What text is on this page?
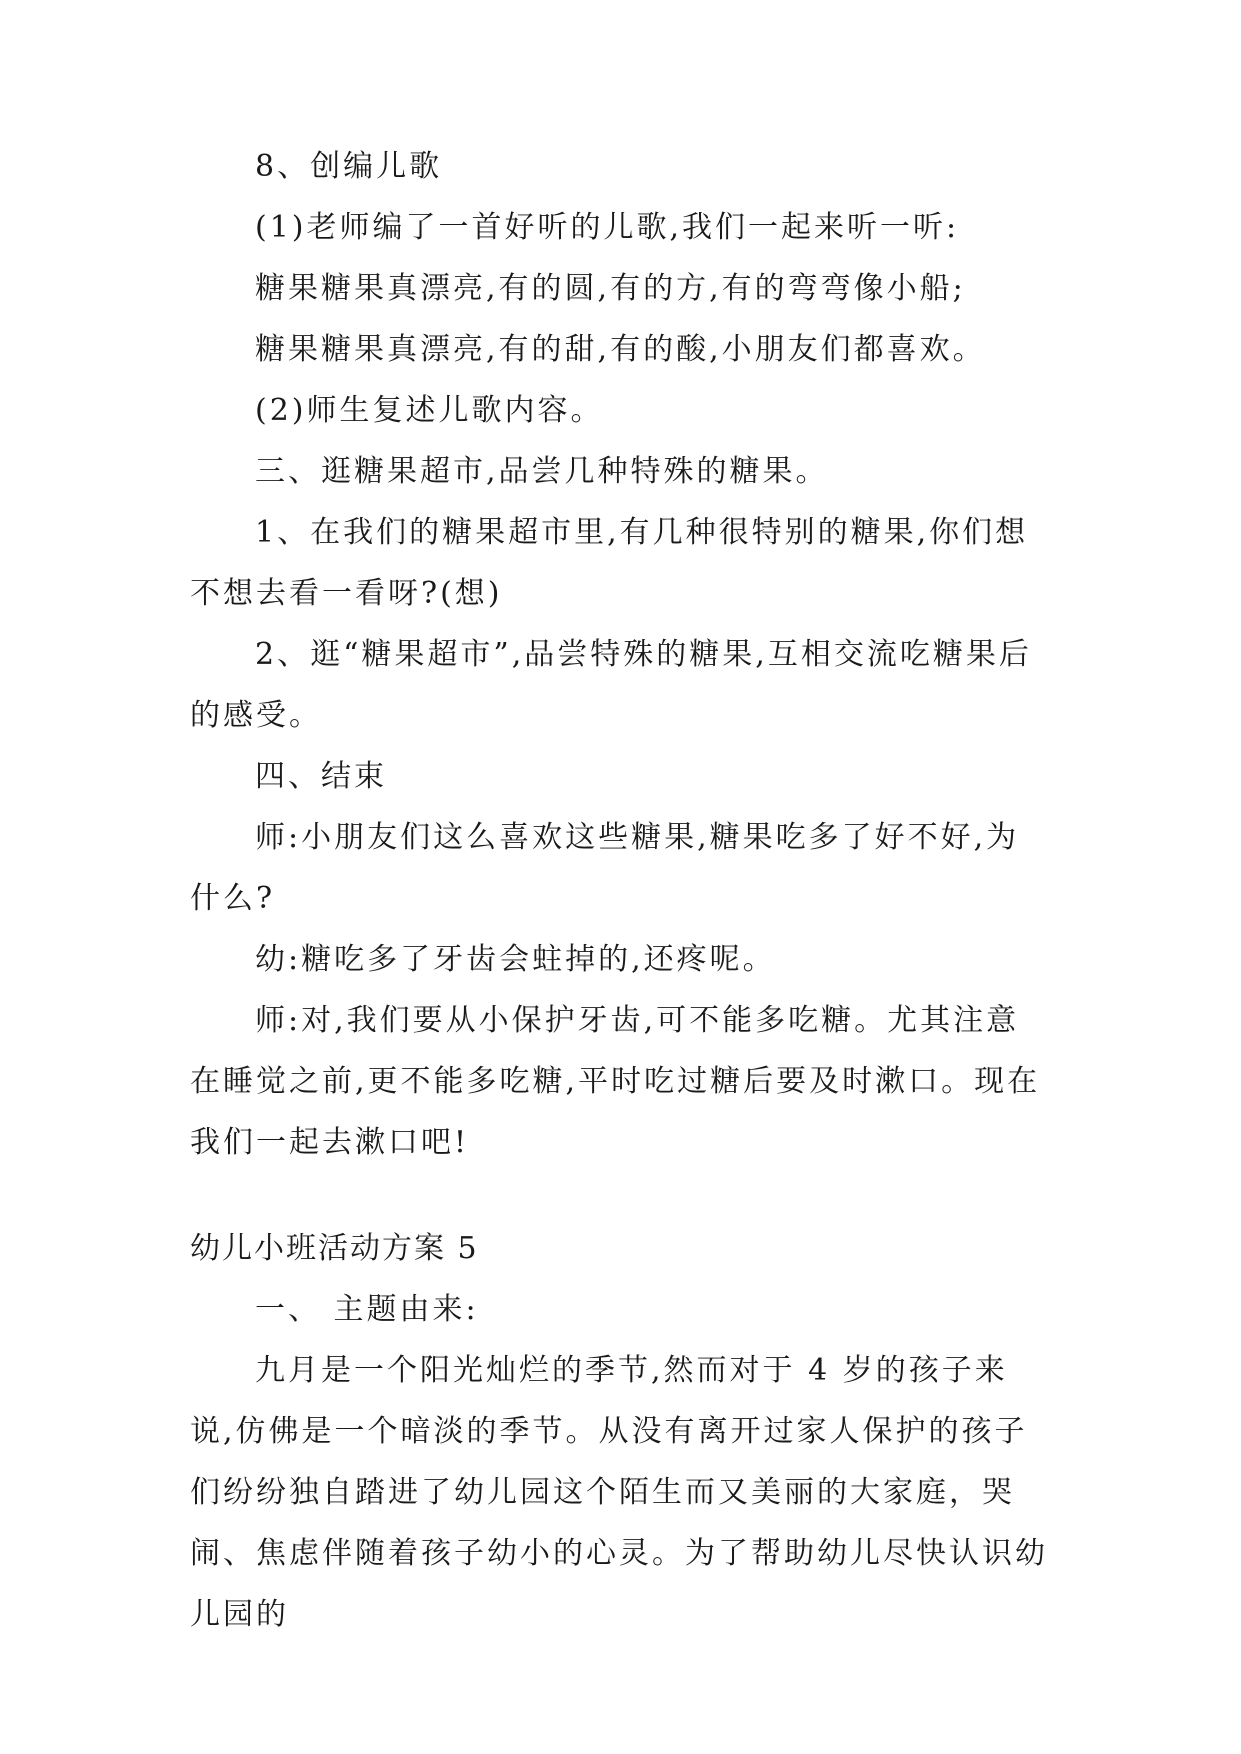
8、创编儿歌
(1)老师编了一首好听的儿歌,我们一起来听一听:
糖果糖果真漂亮,有的圆,有的方,有的弯弯像小船;
糖果糖果真漂亮,有的甜,有的酸,小朋友们都喜欢。
(2)师生复述儿歌内容。
三、逛糖果超市,品尝几种特殊的糖果。
1、在我们的糖果超市里,有几种很特别的糖果,你们想不想去看一看呀?(想)
2、逛“糖果超市”,品尝特殊的糖果,互相交流吃糖果后的感受。
四、结束
师:小朋友们这么喜欢这些糖果,糖果吃多了好不好,为什么?
幼:糖吃多了牙齿会蛀掉的,还疼呢。
师:对,我们要从小保护牙齿,可不能多吃糖。尤其注意在睡觉之前,更不能多吃糖,平时吃过糖后要及时漱口。现在我们一起去漱口吧!
幼儿小班活动方案 5
一、 主题由来:
九月是一个阳光灿烂的季节,然而对于 4 岁的孩子来说,仿佛是一个暗淡的季节。从没有离开过家人保护的孩子们纷纷独自踏进了幼儿园这个陌生而又美丽的大家庭，哭闹、焦虑伴随着孩子幼小的心灵。为了帮助幼儿尽快认识幼儿园的
